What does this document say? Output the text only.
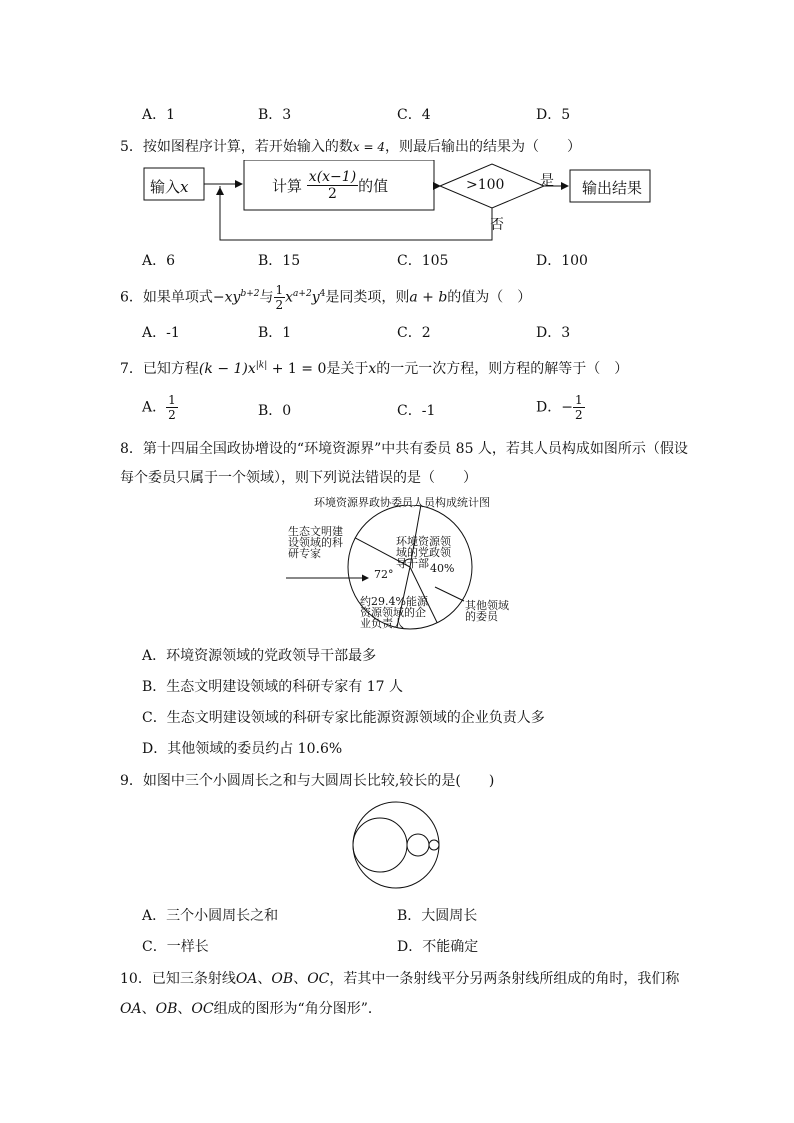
A．1	B．3	C．4	D．5
5．按如图程序计算，若开始输入的数x = 4，则最后输出的结果为（　　）
输入x	计算 $\frac{x(x-1)}{2}$ 的值	>100	是
否
输出结果
A．6	B．15	C．105	D．100
6．如果单项式$-xy^{b+2}$与 $\frac{1}{2} x^{a+2}y^4$是同类项，则a + b的值为（　）
A．-1	B．1	C．2	D．3
7．已知方程$(k - 1)x^{|k|} + 1 = 0$是关于x的一元一次方程，则方程的解等于（　）
A． $\frac{1}{2}$	B．0	C．-1	D．− $\frac{1}{2}$
8．第十四届全国政协增设的“环境资源界”中共有委员 85 人，若其人员构成如图所示（假设
每个委员只属于一个领域），则下列说法错误的是（　　）
环境资源界政协委员人员构成统计图
生态文明建
设领域的科
研专家
环境资源领
域的党政领
导干部 40%
72°
约29.4%能源
资源领域的企
业负责人
其他领域
的委员
A．环境资源领域的党政领导干部最多
B．生态文明建设领域的科研专家有 17 人
C．生态文明建设领域的科研专家比能源资源领域的企业负责人多
D．其他领域的委员约占 10.6%
9．如图中三个小圆周长之和与大圆周长比较,较长的是(　　)
A．三个小圆周长之和	B．大圆周长
C．一样长	D．不能确定
10．已知三条射线OA、OB、OC，若其中一条射线平分另两条射线所组成的角时，我们称
OA、OB、OC组成的图形为“角分图形”．
